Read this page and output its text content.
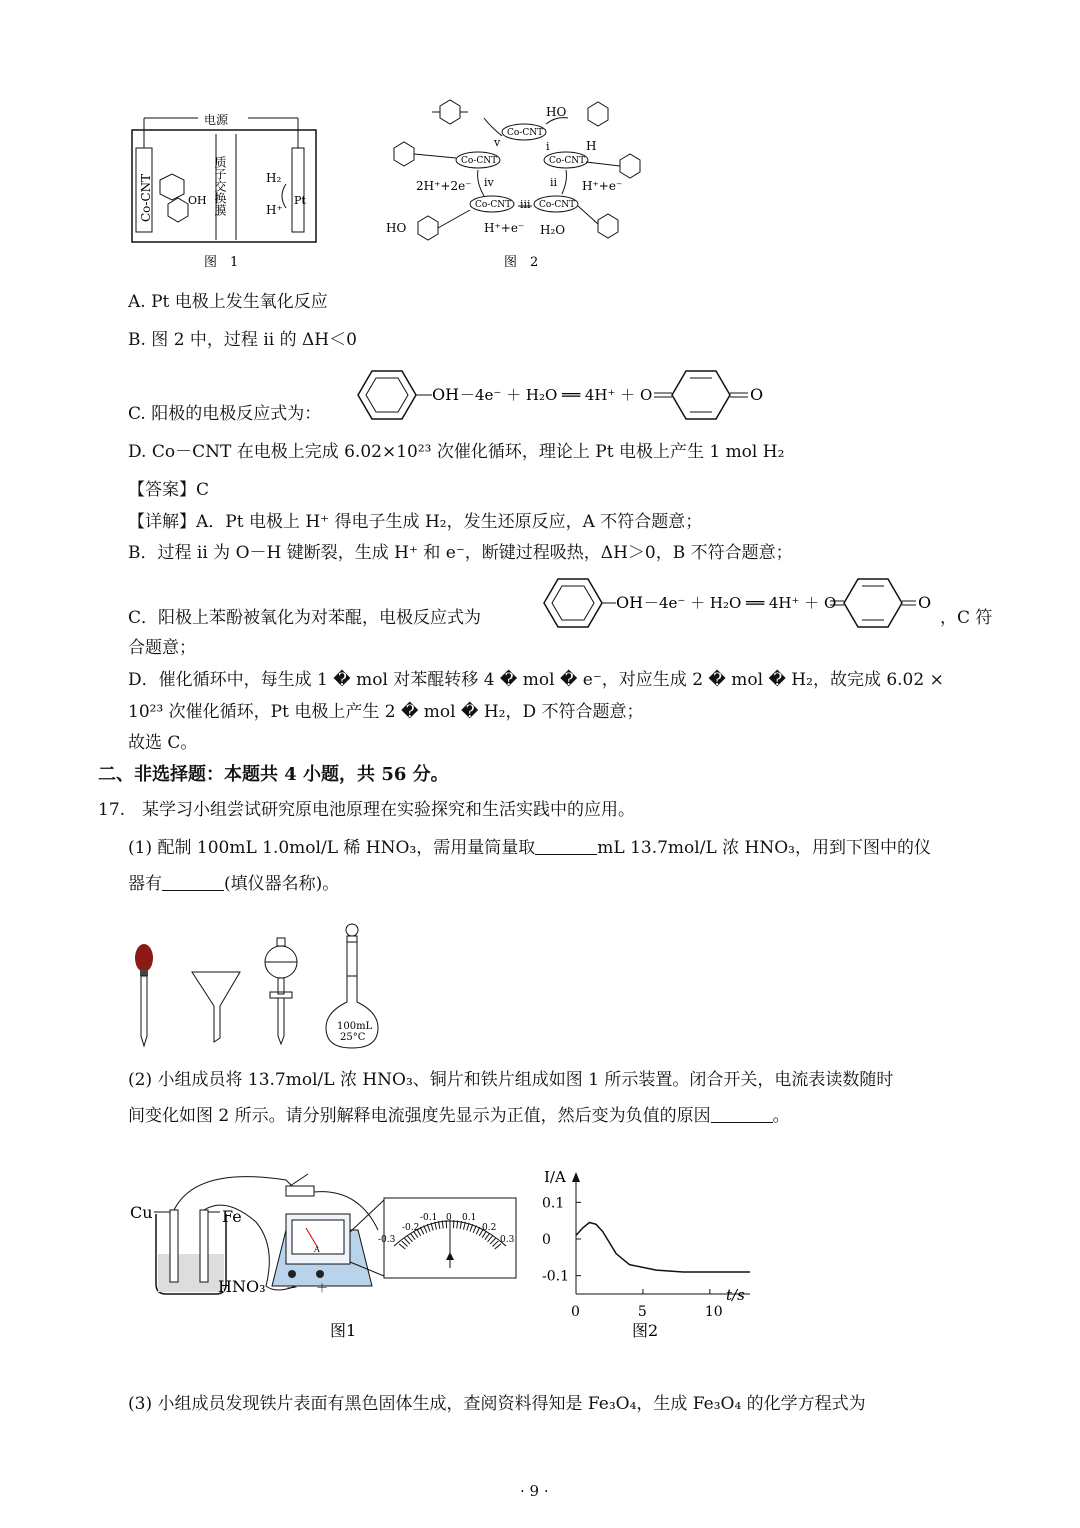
电源
Co-CNT	质子交换膜	Pt
H₂
H⁺
OH
图　1
Co-CNT
Co-CNT	Co-CNT
Co-CNT	Co-CNT
i
ii
iii
iv
v
HO
H
H⁺+e⁻
H⁺+e⁻ H₂O
2H⁺+2e⁻
HO
图　2
A. Pt 电极上发生氧化反应
B. 图 2 中，过程 ii 的 ΔH＜0
C. 阳极的电极反应式为：
OH －4e⁻ ＋ H₂O ══ 4H⁺ ＋ O	O
D. Co－CNT 在电极上完成 6.02×10²³ 次催化循环，理论上 Pt 电极上产生 1 mol H₂
【答案】C
【详解】A．Pt 电极上 H⁺ 得电子生成 H₂，发生还原反应，A 不符合题意；
B．过程 ii 为 O－H 键断裂，生成 H⁺ 和 e⁻，断键过程吸热，ΔH＞0，B 不符合题意；
C．阳极上苯酚被氧化为对苯醌，电极反应式为
OH －4e⁻ ＋ H₂O ══ 4H⁺ ＋ O	O
，C 符
合题意；
D．催化循环中，每生成 1 � mol 对苯醌转移 4 � mol � e⁻，对应生成 2 � mol � H₂，故完成 6.02 ×
10²³ 次催化循环，Pt 电极上产生 2 � mol � H₂，D 不符合题意；
故选 C。
二、非选择题：本题共 4 小题，共 56 分。
17.　某学习小组尝试研究原电池原理在实验探究和生活实践中的应用。
(1) 配制 100mL 1.0mol/L 稀 HNO₃，需用量筒量取	mL 13.7mol/L 浓 HNO₃，用到下图中的仪
器有	(填仪器名称)。
100mL
25°C
(2) 小组成员将 13.7mol/L 浓 HNO₃、铜片和铁片组成如图 1 所示装置。闭合开关，电流表读数随时
间变化如图 2 所示。请分别解释电流强度先显示为正值，然后变为负值的原因	。
Cu	Fe
HNO₃
A
－ ＋
-0.3
-0.2
-0.1 0 0.1
0.2
0.3
图1
I/A
t/s
0.1
0
-0.1
0	5	10
图2
(3) 小组成员发现铁片表面有黑色固体生成，查阅资料得知是 Fe₃O₄，生成 Fe₃O₄ 的化学方程式为
· 9 ·
